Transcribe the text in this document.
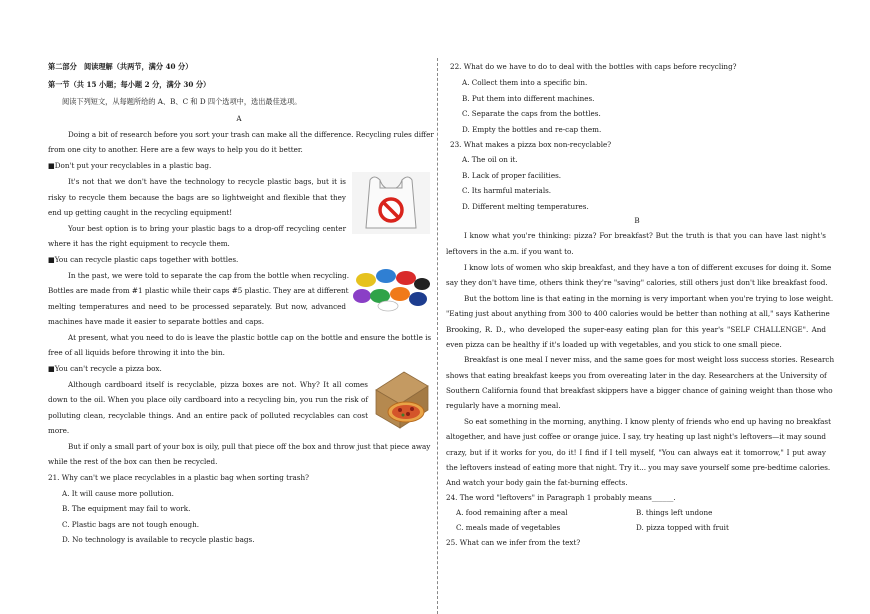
第二部分　阅读理解（共两节，满分 40 分）
第一节（共 15 小题；每小题 2 分，满分 30 分）
阅读下列短文，从每题所给的 A、B、C 和 D 四个选项中，选出最佳选项。
A
Doing a bit of research before you sort your trash can make all the difference. Recycling rules differ
from one city to another. Here are a few ways to help you do it better.
■Don't put your recyclables in a plastic bag.
It's not that we don't have the technology to recycle plastic bags, but it is
risky to recycle them because the bags are so lightweight and flexible that they
end up getting caught in the recycling equipment!
Your best option is to bring your plastic bags to a drop-off recycling center
where it has the right equipment to recycle them.
■You can recycle plastic caps together with bottles.
In the past, we were told to separate the cap from the bottle when recycling.
Bottles are made from #1 plastic while their caps #5 plastic. They are at different
melting temperatures and need to be processed separately. But now, advanced
machines have made it easier to separate bottles and caps.
At present, what you need to do is leave the plastic bottle cap on the bottle and ensure the bottle is
free of all liquids before throwing it into the bin.
■You can't recycle a pizza box.
Although cardboard itself is recyclable, pizza boxes are not. Why? It all comes
down to the oil. When you place oily cardboard into a recycling bin, you run the risk of
polluting clean, recyclable things. And an entire pack of polluted recyclables can cost
more.
But if only a small part of your box is oily, pull that piece off the box and throw just that piece away
while the rest of the box can then be recycled.
21. Why can't we place recyclables in a plastic bag when sorting trash?
A. It will cause more pollution.
B. The equipment may fail to work.
C. Plastic bags are not tough enough.
D. No technology is available to recycle plastic bags.
22. What do we have to do to deal with the bottles with caps before recycling?
A. Collect them into a specific bin.
B. Put them into different machines.
C. Separate the caps from the bottles.
D. Empty the bottles and re-cap them.
23. What makes a pizza box non-recyclable?
A. The oil on it.
B. Lack of proper facilities.
C. Its harmful materials.
D. Different melting temperatures.
B
I know what you're thinking: pizza? For breakfast? But the truth is that you can have last night's
leftovers in the a.m. if you want to.
I know lots of women who skip breakfast, and they have a ton of different excuses for doing it. Some
say they don't have time, others think they're "saving" calories, still others just don't like breakfast food.
But the bottom line is that eating in the morning is very important when you're trying to lose weight.
"Eating just about anything from 300 to 400 calories would be better than nothing at all," says Katherine
Brooking, R. D., who developed the super-easy eating plan for this year's "SELF CHALLENGE". And
even pizza can be healthy if it's loaded up with vegetables, and you stick to one small piece.
Breakfast is one meal I never miss, and the same goes for most weight loss success stories. Research
shows that eating breakfast keeps you from overeating later in the day. Researchers at the University of
Southern California found that breakfast skippers have a bigger chance of gaining weight than those who
regularly have a morning meal.
So eat something in the morning, anything. I know plenty of friends who end up having no breakfast
altogether, and have just coffee or orange juice. I say, try heating up last night's leftovers—it may sound
crazy, but if it works for you, do it! I find if I tell myself, "You can always eat it tomorrow," I put away
the leftovers instead of eating more that night. Try it... you may save yourself some pre-bedtime calories.
And watch your body gain the fat-burning effects.
24. The word "leftovers" in Paragraph 1 probably means______.
A. food remaining after a meal	B. things left undone
C. meals made of vegetables	D. pizza topped with fruit
25. What can we infer from the text?
